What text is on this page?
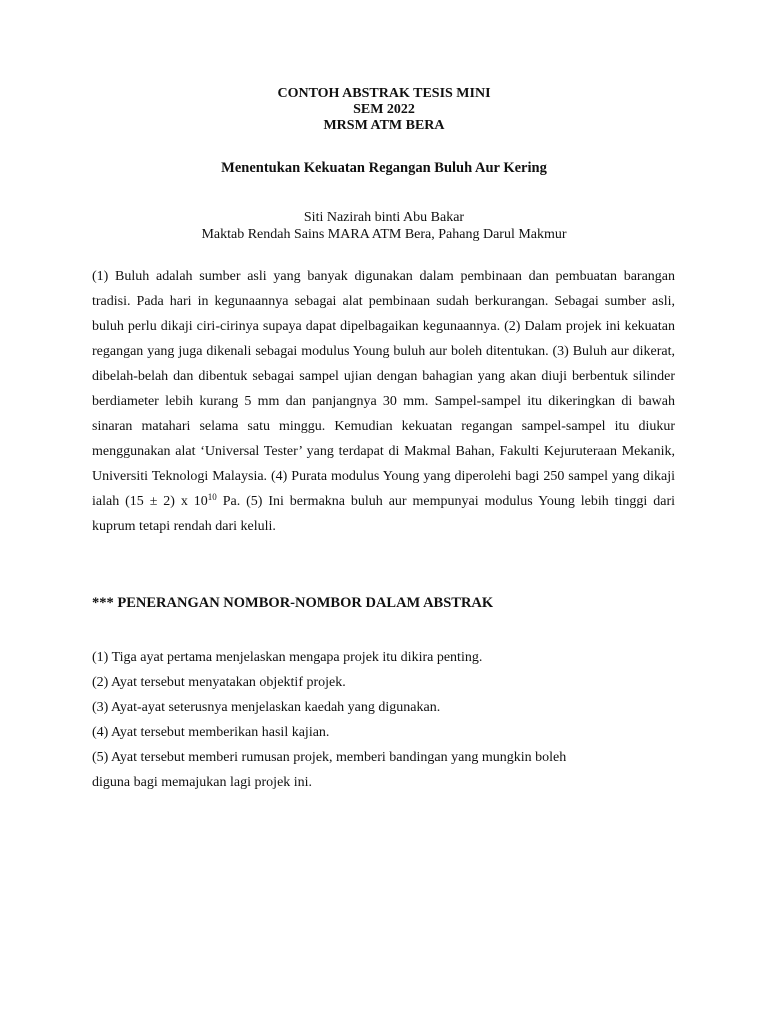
CONTOH ABSTRAK TESIS MINI
SEM 2022
MRSM ATM BERA
Menentukan Kekuatan Regangan Buluh Aur Kering
Siti Nazirah binti Abu Bakar
Maktab Rendah Sains MARA ATM Bera, Pahang Darul Makmur

(1) Buluh adalah sumber asli yang banyak digunakan dalam pembinaan dan pembuatan barangan tradisi. Pada hari in kegunaannya sebagai alat pembinaan sudah berkurangan. Sebagai sumber asli, buluh perlu dikaji ciri-cirinya supaya dapat dipelbagaikan kegunaannya. (2) Dalam projek ini kekuatan regangan yang juga dikenali sebagai modulus Young buluh aur boleh ditentukan. (3) Buluh aur dikerat, dibelah-belah dan dibentuk sebagai sampel ujian dengan bahagian yang akan diuji berbentuk silinder berdiameter lebih kurang 5 mm dan panjangnya 30 mm. Sampel-sampel itu dikeringkan di bawah sinaran matahari selama satu minggu. Kemudian kekuatan regangan sampel-sampel itu diukur menggunakan alat ‘Universal Tester’ yang terdapat di Makmal Bahan, Fakulti Kejuruteraan Mekanik, Universiti Teknologi Malaysia. (4) Purata modulus Young yang diperolehi bagi 250 sampel yang dikaji ialah (15 ± 2) x $10^{10}$ Pa. (5) Ini bermakna buluh aur mempunyai modulus Young lebih tinggi dari kuprum tetapi rendah dari keluli.

*** PENERANGAN NOMBOR-NOMBOR DALAM ABSTRAK
(1) Tiga ayat pertama menjelaskan mengapa projek itu dikira penting.
(2) Ayat tersebut menyatakan objektif projek.
(3) Ayat-ayat seterusnya menjelaskan kaedah yang digunakan.
(4) Ayat tersebut memberikan hasil kajian.
(5) Ayat tersebut memberi rumusan projek, memberi bandingan yang mungkin boleh
diguna bagi memajukan lagi projek ini.
